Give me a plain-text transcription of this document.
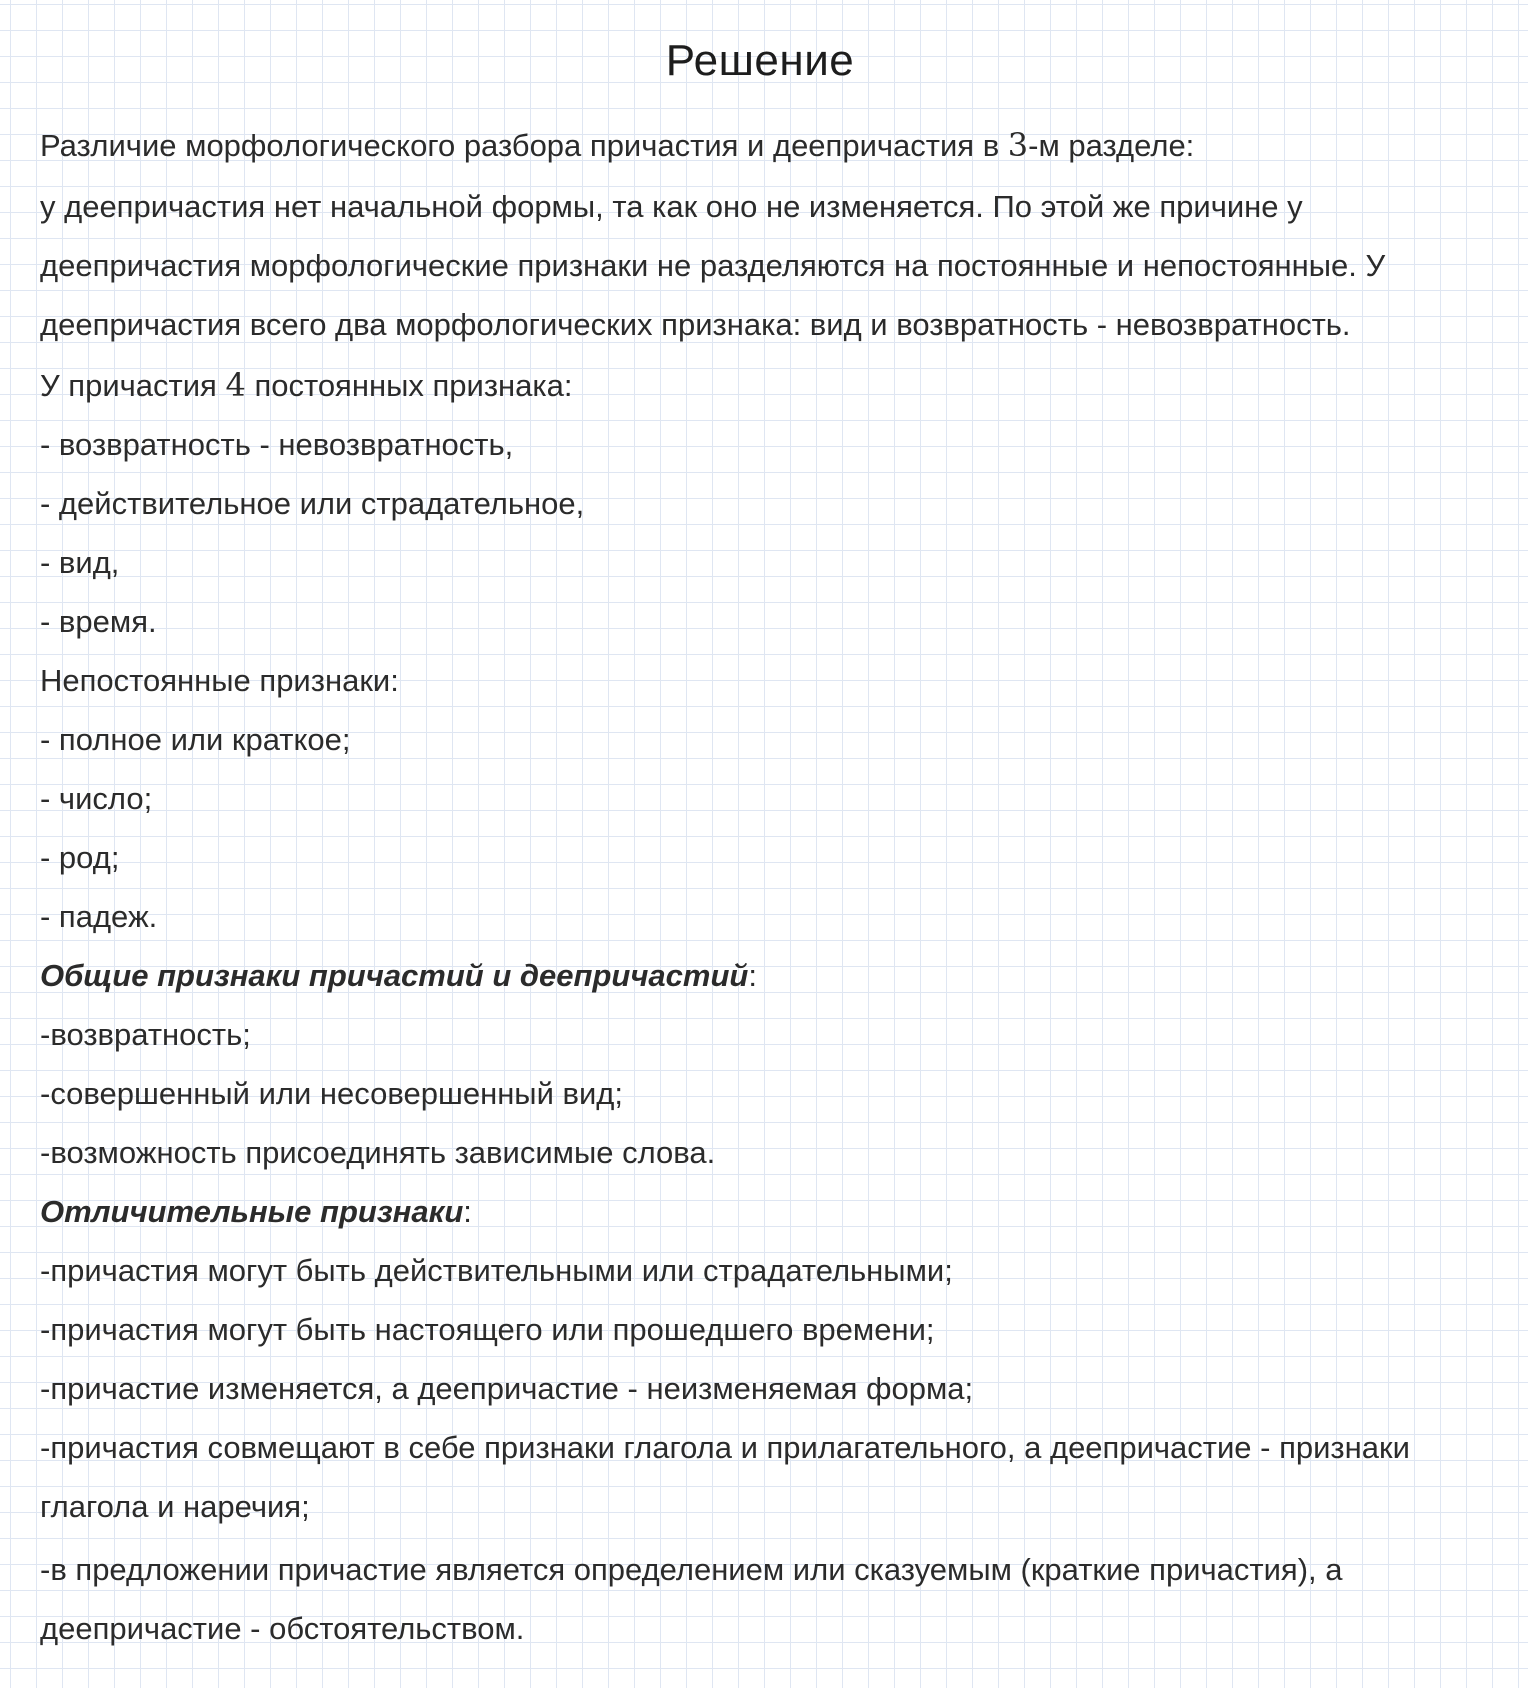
Решение

Различие морфологического разбора причастия и деепричастия в 3-м разделе:

у деепричастия нет начальной формы, та как оно не изменяется. По этой же причине у деепричастия морфологические признаки не разделяются на постоянные и непостоянные. У деепричастия всего два морфологических признака: вид и возвратность - невозвратность.

У причастия 4 постоянных признака:

- возвратность - невозвратность,
- действительное или страдательное,
- вид,
- время.
Непостоянные признаки:
- полное или краткое;
- число;
- род;
- падеж.
Общие признаки причастий и деепричастий:
-возвратность;
-совершенный или несовершенный вид;
-возможность присоединять зависимые слова.
Отличительные признаки:
-причастия могут быть действительными или страдательными;
-причастия могут быть настоящего или прошедшего времени;
-причастие изменяется, а деепричастие - неизменяемая форма;

-причастия совмещают в себе признаки глагола и прилагательного, а деепричастие - признаки глагола и наречия;

-в предложении причастие является определением или сказуемым (краткие причастия), а деепричастие - обстоятельством.
